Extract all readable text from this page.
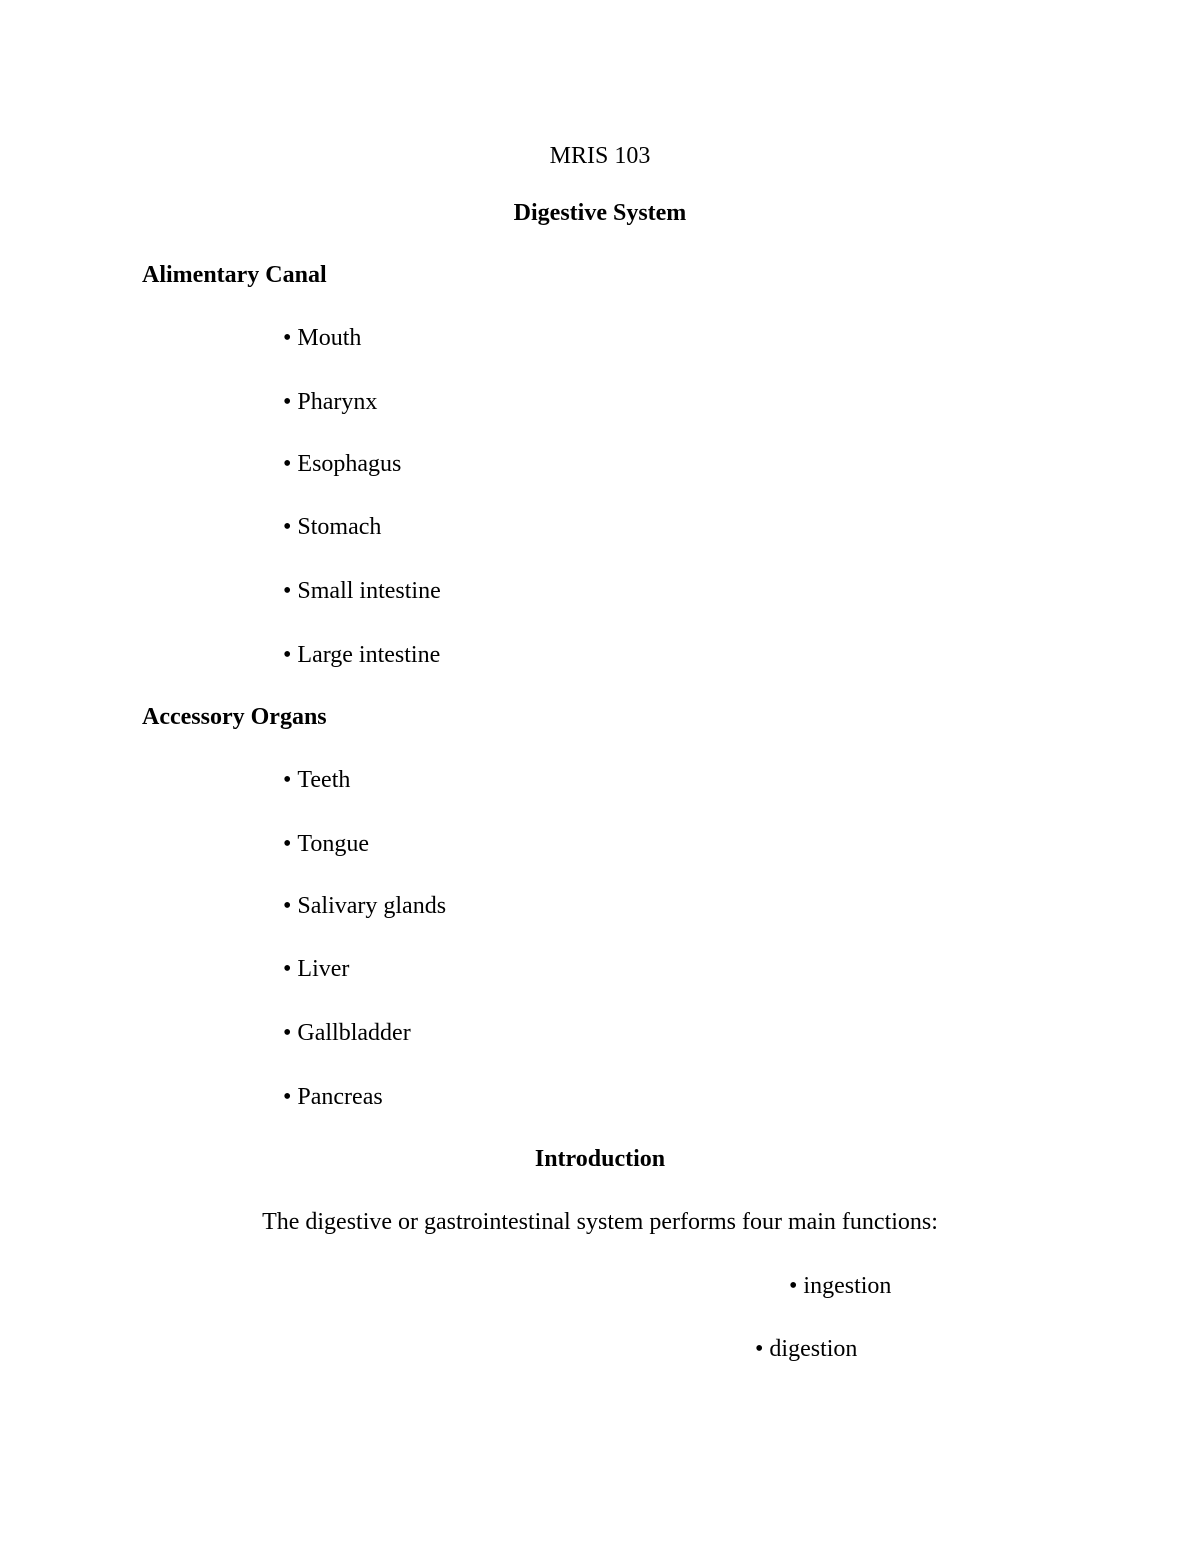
MRIS 103
Digestive System
Alimentary Canal
• Mouth
• Pharynx
• Esophagus
• Stomach
• Small intestine
• Large intestine
Accessory Organs
• Teeth
• Tongue
• Salivary glands
• Liver
• Gallbladder
• Pancreas
Introduction
The digestive or gastrointestinal system performs four main functions:
• ingestion
• digestion
